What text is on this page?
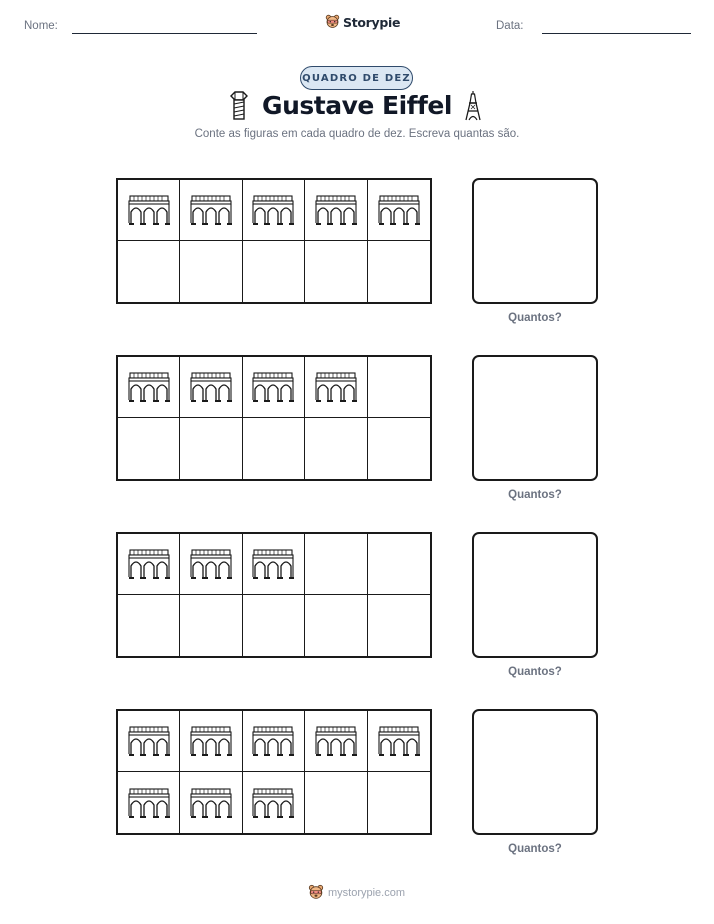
Nome:	Storypie	Data:
QUADRO DE DEZ
Gustave Eiffel
Conte as figuras em cada quadro de dez. Escreva quantas são.
Quantos?
Quantos?
Quantos?
Quantos?
mystorypie.com
